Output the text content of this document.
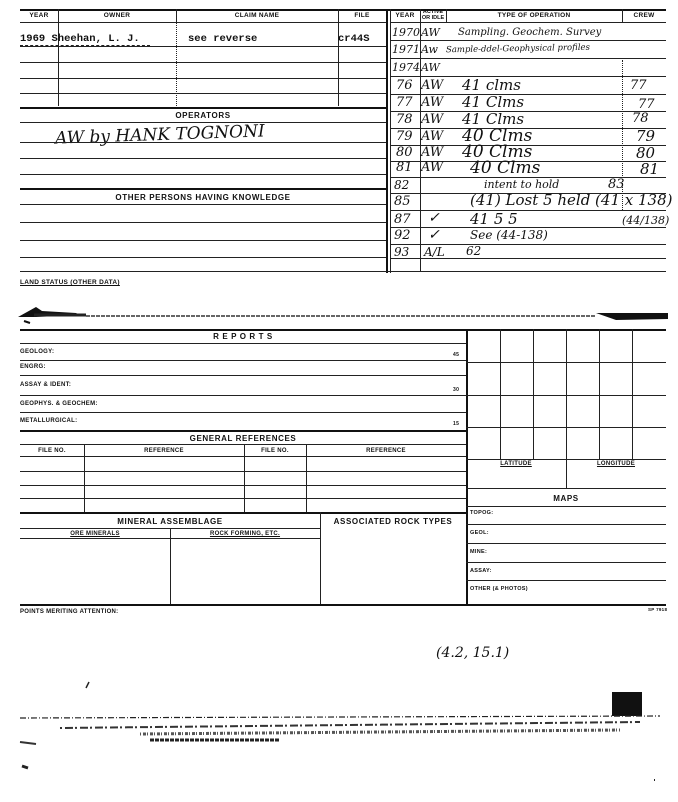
YEAR	OWNER	CLAIM NAME	FILE	YEAR	ACTIVE OR IDLE	TYPE OF OPERATION	CREW
1969 Sheehan, L. J.	see reverse	cr44S
OPERATORS
AW by HANK TOGNONI
OTHER PERSONS HAVING KNOWLEDGE
1970 AW Sampling. Geochem. Survey
1971 Aw Sample-ddel-Geophysical profiles
1974 AW
76 AW 41 clms	77
77 AW 41 Clms	77
78 AW 41 Clms	78
79 AW 40 Clms	79
80 AW 40 Clms	80
81 AW 40 Clms	81
82	intent to hold	83
85	(41) Lost 5 held (41 x 138)
87 ✓ 41 5 5	(44/138)
92 ✓	See (44-138)
93 A/L 62
LAND STATUS (OTHER DATA)
R E P O R T S
GEOLOGY:	45
ENGRG:
ASSAY & IDENT:
30
GEOPHYS. & GEOCHEM:
METALLURGICAL:	15
GENERAL REFERENCES
FILE NO.	REFERENCE	FILE NO.	REFERENCE
MINERAL ASSEMBLAGE	ASSOCIATED ROCK TYPES
ORE MINERALS	ROCK FORMING, ETC.
LATITUDE	LONGITUDE
MAPS
TOPOG:
GEOL:
MINE:
ASSAY:
OTHER (& PHOTOS)
POINTS MERITING ATTENTION:	SP 7918
(4.2, 15.1)
